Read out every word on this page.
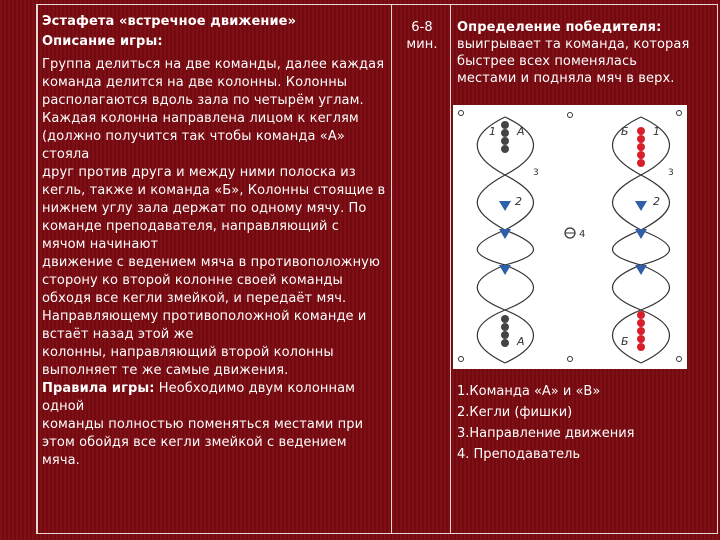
Эстафета «встречное движение»
Описание игры:
Группа делиться на две команды, далее каждая
команда делится на две колонны. Колонны
располагаются вдоль зала по четырём углам.
Каждая колонна направлена лицом к кеглям
(должно получится так чтобы команда «А»
стояла
друг против друга и между ними полоска из
кегль, также и команда «Б», Колонны стоящие в
нижнем углу зала держат по одному мячу. По
команде преподавателя, направляющий с
мячом начинают
движение с ведением мяча в противоположную
сторону ко второй колонне своей команды
обходя все кегли змейкой, и передаёт мяч.
Направляющему противоположной команде и
встаёт назад этой же
колонны, направляющий второй колонны
выполняет те же самые движения.
Правила игры: Необходимо двум колоннам
одной
команды полностью поменяться местами при
этом обойдя все кегли змейкой с ведением
мяча.
6-8
мин.
Определение победителя:
выигрывает та команда, которая
быстрее всех поменялась
местами и подняла мяч в верх.
1 А	Б 1
2	2
3	3
4
А	Б
1.Команда «А» и «В»
2.Кегли (фишки)
3.Направление движения
4. Преподаватель
